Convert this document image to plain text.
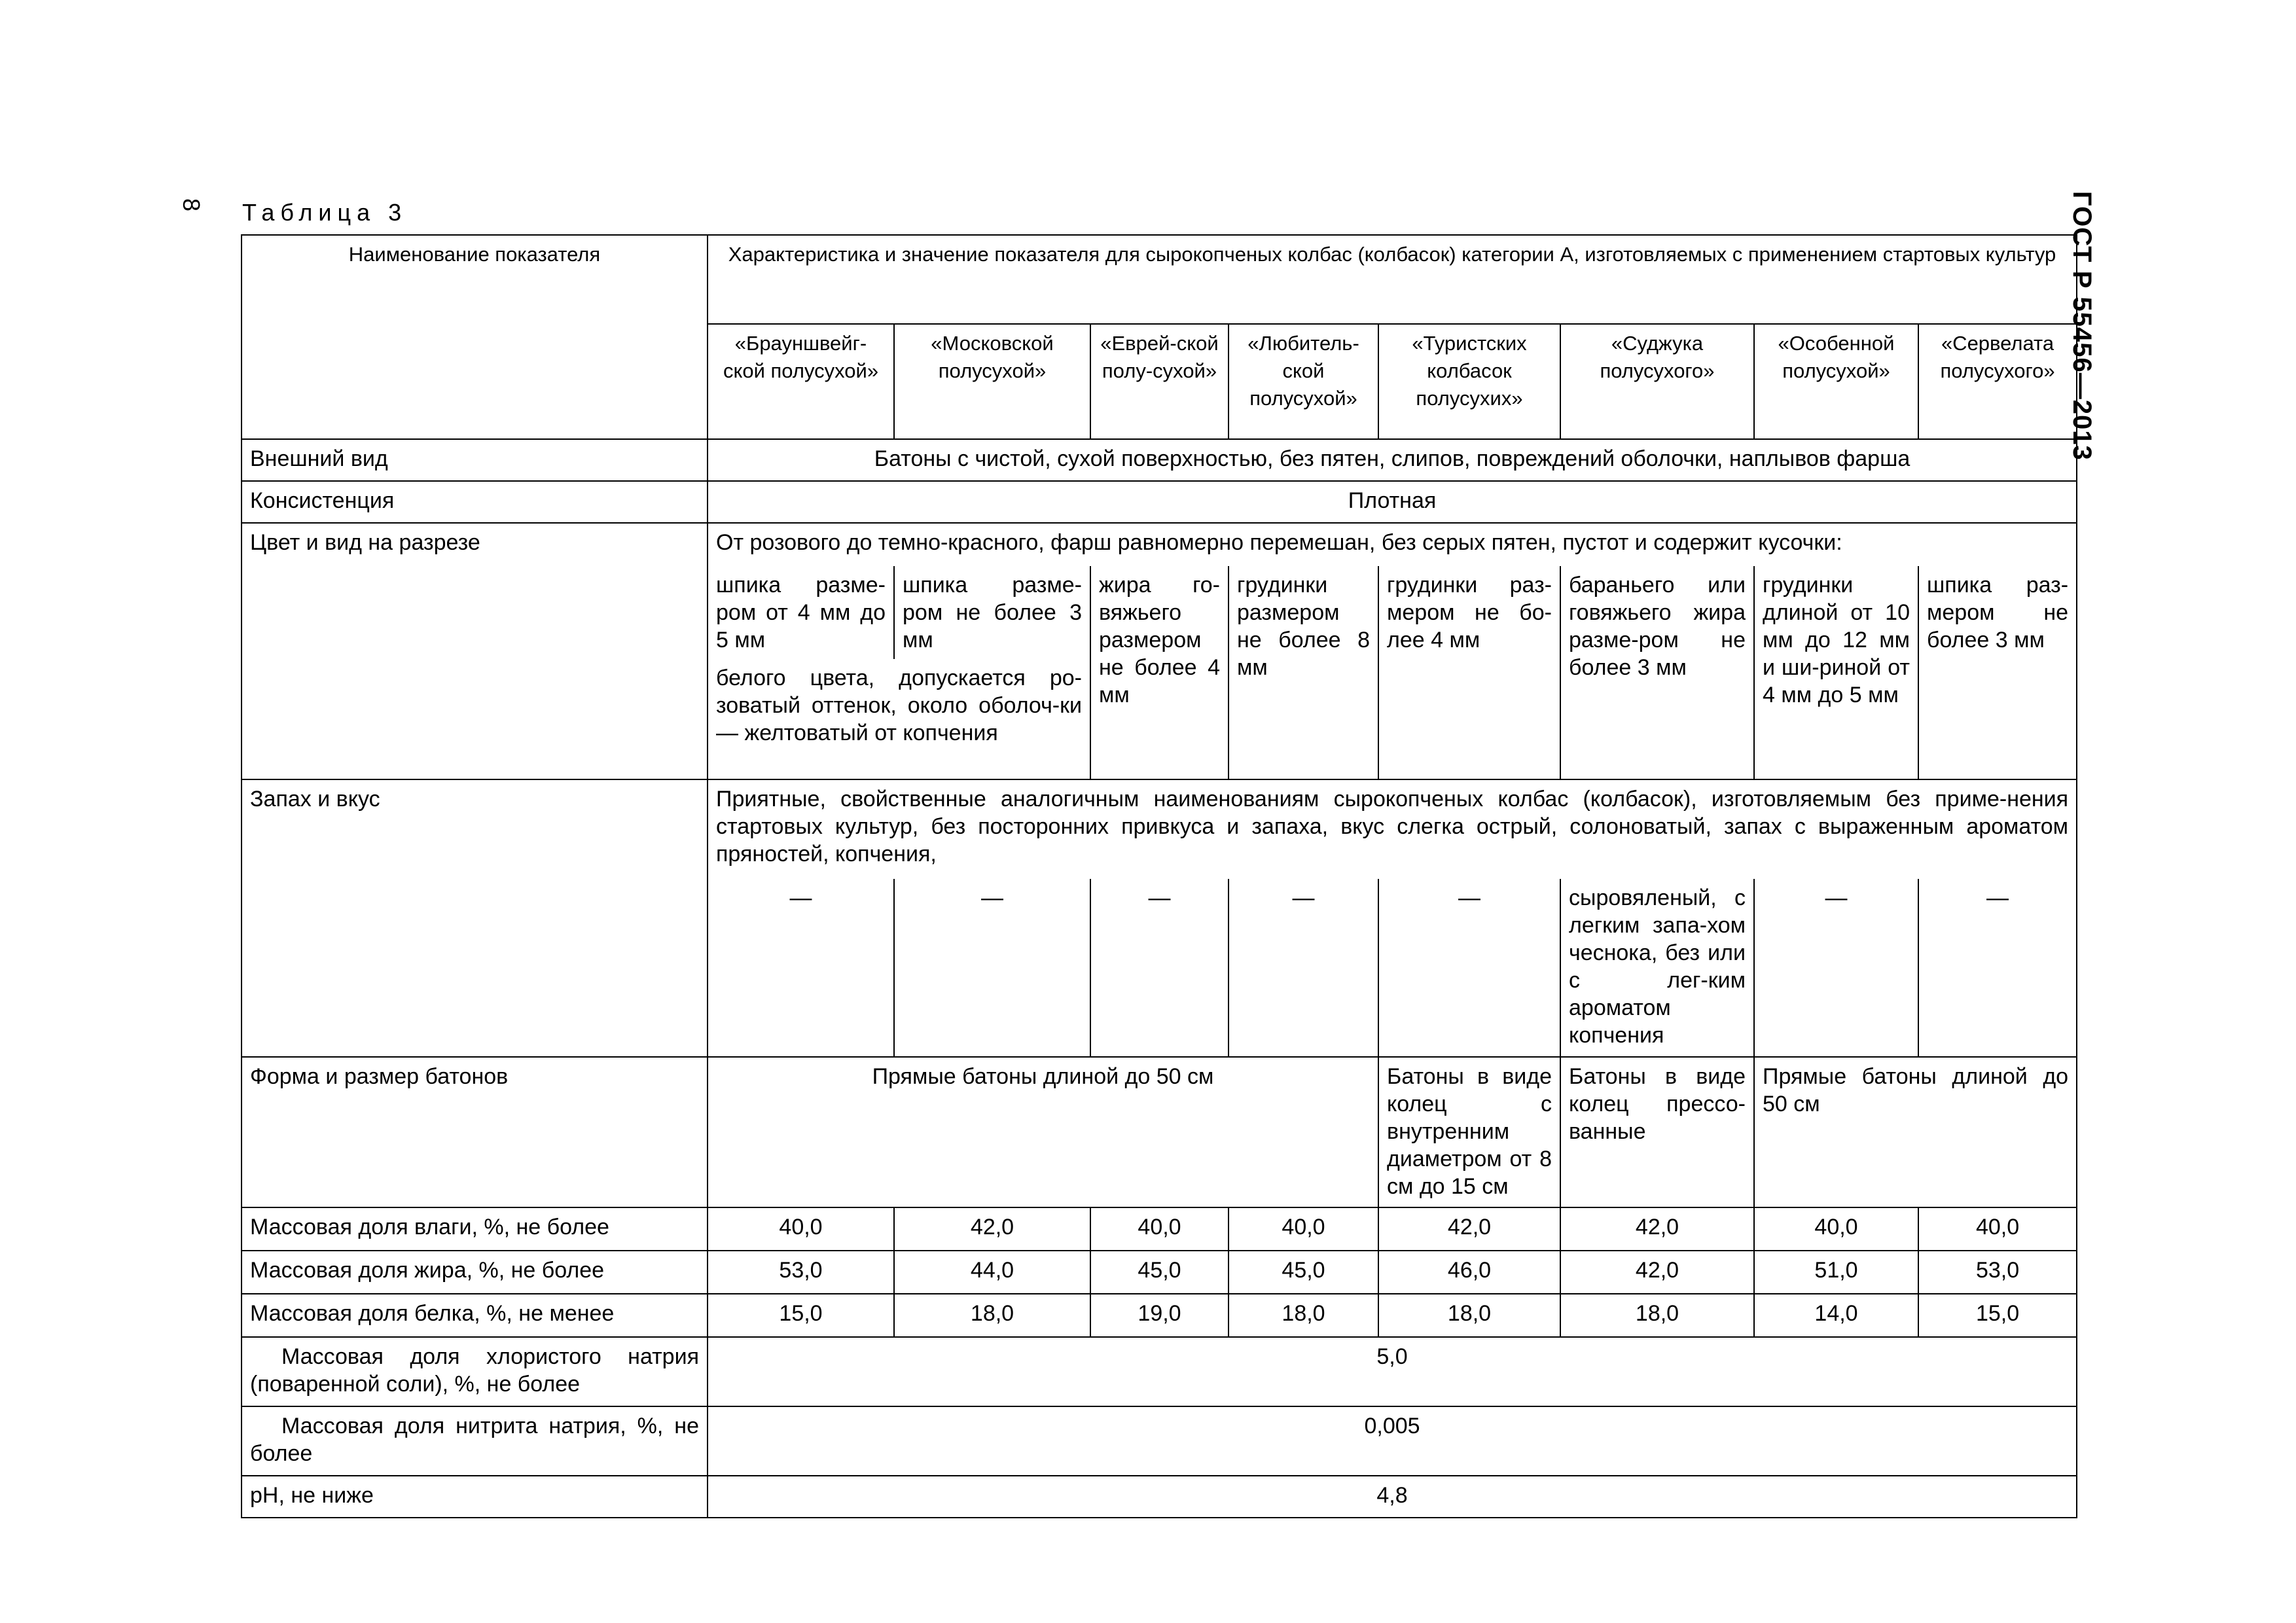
8	ГОСТ Р 55456—2013
Таблица 3
Наименование показателя	Характеристика и значение показателя для сырокопченых колбас (колбасок) категории А, изготовляемых с применением стартовых культур							
	«Брауншвейг-ской полусухой»	«Московской полусухой»	«Еврей-ской полу-сухой»	«Любитель-ской полусухой»	«Туристских колбасок полусухих»	«Суджука полусухого»	«Особенной полусухой»	«Сервелата полусухого»
Внешний вид	Батоны с чистой, сухой поверхностью, без пятен, слипов, повреждений оболочки, наплывов фарша							
Консистенция	Плотная							
Цвет и вид на разрезе	От розового до темно-красного, фарш равномерно перемешан, без серых пятен, пустот и содержит кусочки:							
	шпика разме-ром от 4 мм до 5 мм	шпика разме-ром не более 3 мм	жира го-вяжьего размером не более 4 мм	грудинки размером не более 8 мм	грудинки раз-мером не бо-лее 4 мм	бараньего или говяжьего жира разме-ром не более 3 мм	грудинки длиной от 10 мм до 12 мм и ши-риной от 4 мм до 5 мм	шпика раз-мером не более 3 мм
	белого цвета, допускается ро-зоватый оттенок, около оболоч-ки — желтоватый от копчения							
Запах и вкус	Приятные, свойственные аналогичным наименованиям сырокопченых колбас (колбасок), изготовляемым без приме-нения стартовых культур, без посторонних привкуса и запаха, вкус слегка острый, солоноватый, запах с выраженным ароматом пряностей, копчения,							
	—	—	—	—	—	сыровяленый, с легким запа-хом чеснока, без или с лег-ким ароматом копчения	—	—
Форма и размер батонов	Прямые батоны длиной до 50 см				Батоны в виде колец с внутренним диаметром от 8 см до 15 см	Батоны в виде колец прессо-ванные	Прямые батоны длиной до 50 см	
Массовая доля влаги, %, не более	40,0	42,0	40,0	40,0	42,0	42,0	40,0	40,0
Массовая доля жира, %, не более	53,0	44,0	45,0	45,0	46,0	42,0	51,0	53,0
Массовая доля белка, %, не менее	15,0	18,0	19,0	18,0	18,0	18,0	14,0	15,0
Массовая доля хлористого натрия (поваренной соли), %, не более	5,0							
Массовая доля нитрита натрия, %, не более	0,005							
pH, не ниже	4,8							
